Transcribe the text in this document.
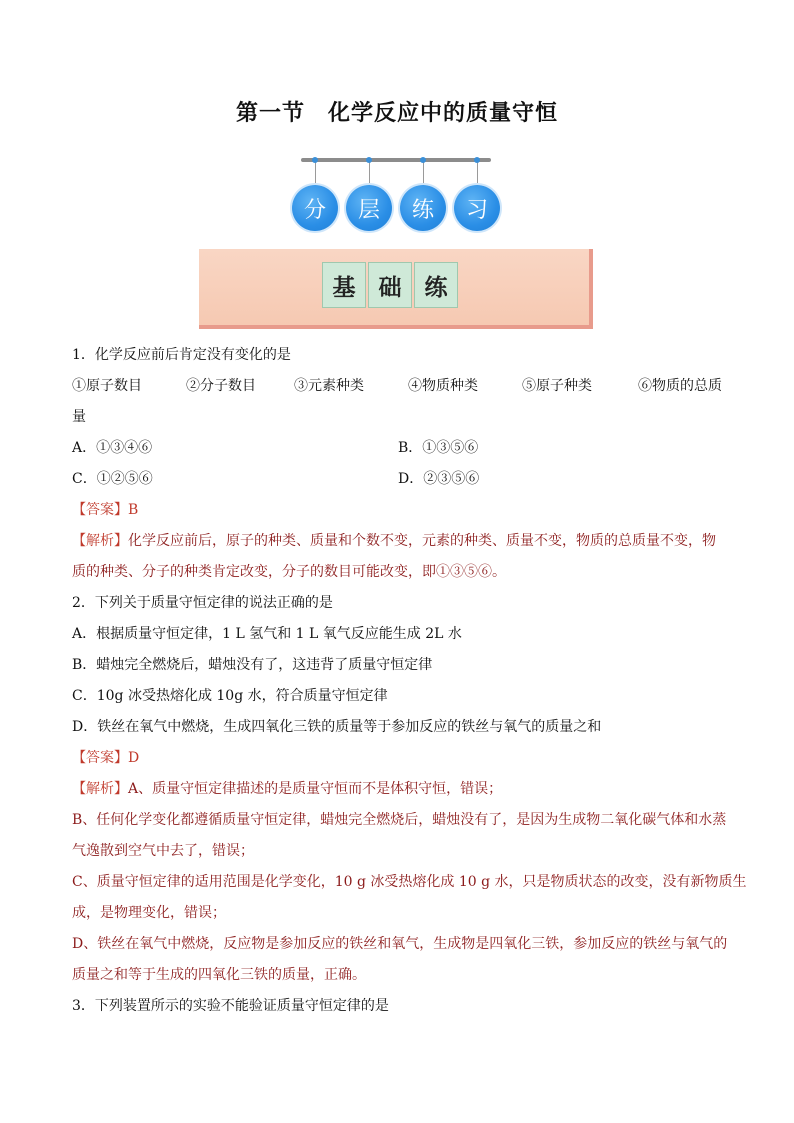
第一节　化学反应中的质量守恒
分	层	练	习
基	础	练
1．化学反应前后肯定没有变化的是
①原子数目	②分子数目	③元素种类	④物质种类	⑤原子种类	⑥物质的总质
量
A．①③④⑥	B．①③⑤⑥
C．①②⑤⑥	D．②③⑤⑥
【答案】B
【解析】化学反应前后，原子的种类、质量和个数不变，元素的种类、质量不变，物质的总质量不变，物
质的种类、分子的种类肯定改变，分子的数目可能改变，即①③⑤⑥。
2．下列关于质量守恒定律的说法正确的是
A．根据质量守恒定律，1 L 氢气和 1 L 氧气反应能生成 2L 水
B．蜡烛完全燃烧后，蜡烛没有了，这违背了质量守恒定律
C．10g 冰受热熔化成 10g 水，符合质量守恒定律
D．铁丝在氧气中燃烧，生成四氧化三铁的质量等于参加反应的铁丝与氧气的质量之和
【答案】D
【解析】A、质量守恒定律描述的是质量守恒而不是体积守恒，错误；
B、任何化学变化都遵循质量守恒定律，蜡烛完全燃烧后，蜡烛没有了，是因为生成物二氧化碳气体和水蒸
气逸散到空气中去了，错误；
C、质量守恒定律的适用范围是化学变化，10 g 冰受热熔化成 10 g 水，只是物质状态的改变，没有新物质生
成，是物理变化，错误；
D、铁丝在氧气中燃烧，反应物是参加反应的铁丝和氧气，生成物是四氧化三铁，参加反应的铁丝与氧气的
质量之和等于生成的四氧化三铁的质量，正确。
3．下列装置所示的实验不能验证质量守恒定律的是
